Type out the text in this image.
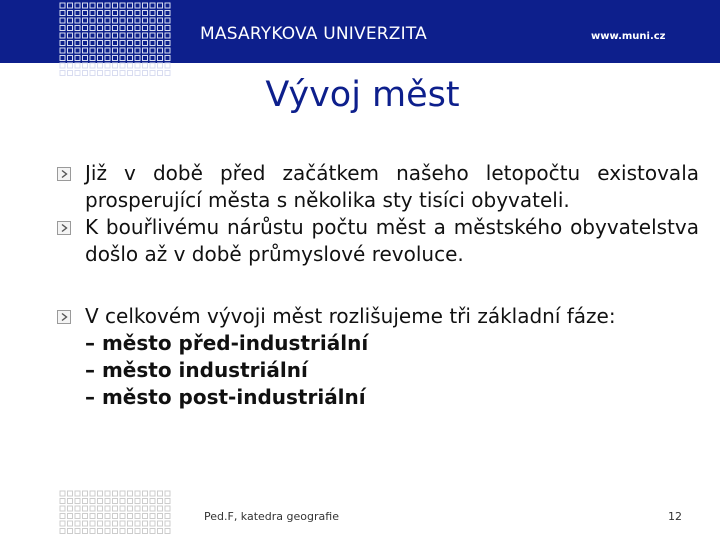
MASARYKOVA UNIVERZITA	www.muni.cz
Vývoj měst
Již v době před začátkem našeho letopočtu existovala prosperující města s několika sty tisíci obyvateli.
K bouřlivému nárůstu počtu měst a městského obyvatelstva došlo až v době průmyslové revoluce.
V celkovém vývoji měst rozlišujeme tři základní fáze:
– město před-industriální
– město industriální
– město post-industriální
Ped.F, katedra geografie	12
